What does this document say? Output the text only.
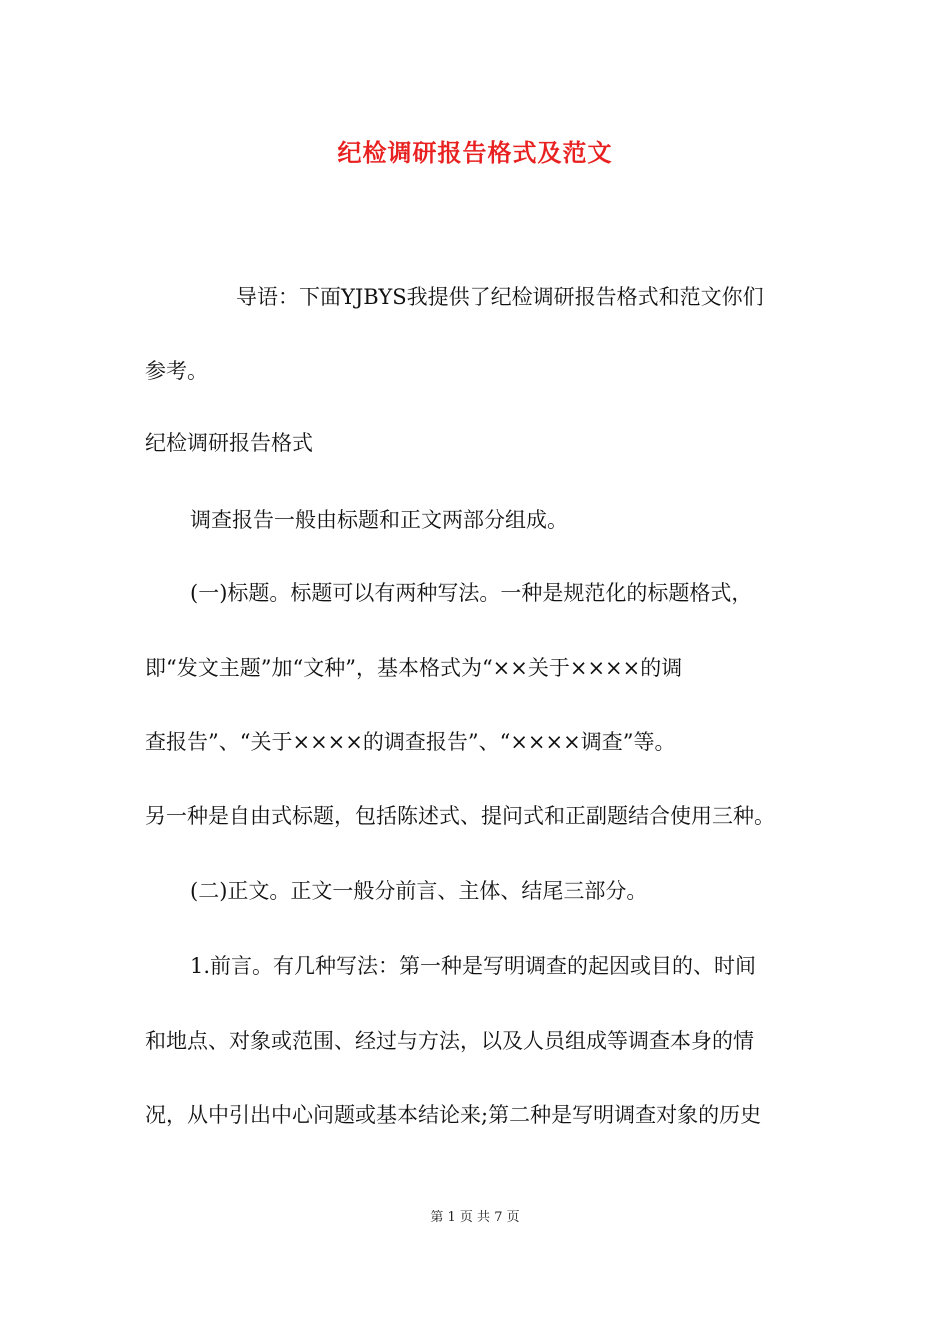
纪检调研报告格式及范文
导语：下面YJBYS我提供了纪检调研报告格式和范文你们
参考。
纪检调研报告格式
调查报告一般由标题和正文两部分组成。
(一)标题。标题可以有两种写法。一种是规范化的标题格式，
即“发文主题”加“文种”，基本格式为“××关于××××的调
查报告”、“关于××××的调查报告”、“××××调查”等。
另一种是自由式标题，包括陈述式、提问式和正副题结合使用三种。
(二)正文。正文一般分前言、主体、结尾三部分。
1.前言。有几种写法：第一种是写明调查的起因或目的、时间
和地点、对象或范围、经过与方法，以及人员组成等调查本身的情
况，从中引出中心问题或基本结论来;第二种是写明调查对象的历史
第 1 页 共 7 页
